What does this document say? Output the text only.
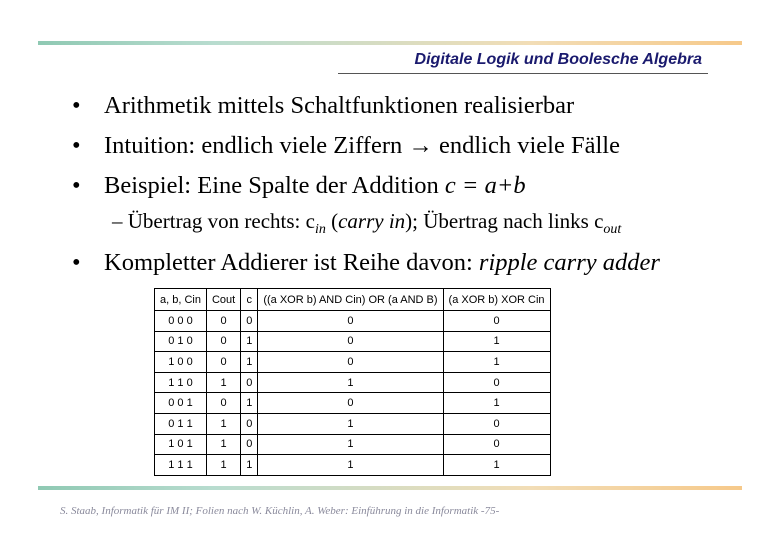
Digitale Logik und Boolesche Algebra
• Arithmetik mittels Schaltfunktionen realisierbar
• Intuition: endlich viele Ziffern → endlich viele Fälle
• Beispiel: Eine Spalte der Addition c = a+b
– Übertrag von rechts: $c_{in}$ (carry in); Übertrag nach links $c_{out}$
• Kompletter Addierer ist Reihe davon: ripple carry adder
a, b, Cin	Cout	c	((a XOR b) AND Cin) OR (a AND B)	(a XOR b) XOR Cin
0 0 0	0	0	0	0
0 1 0	0	1	0	1
1 0 0	0	1	0	1
1 1 0	1	0	1	0
0 0 1	0	1	0	1
0 1 1	1	0	1	0
1 0 1	1	0	1	0
1 1 1	1	1	1	1
S. Staab, Informatik für IM II; Folien nach W. Küchlin, A. Weber: Einführung in die Informatik -75-
